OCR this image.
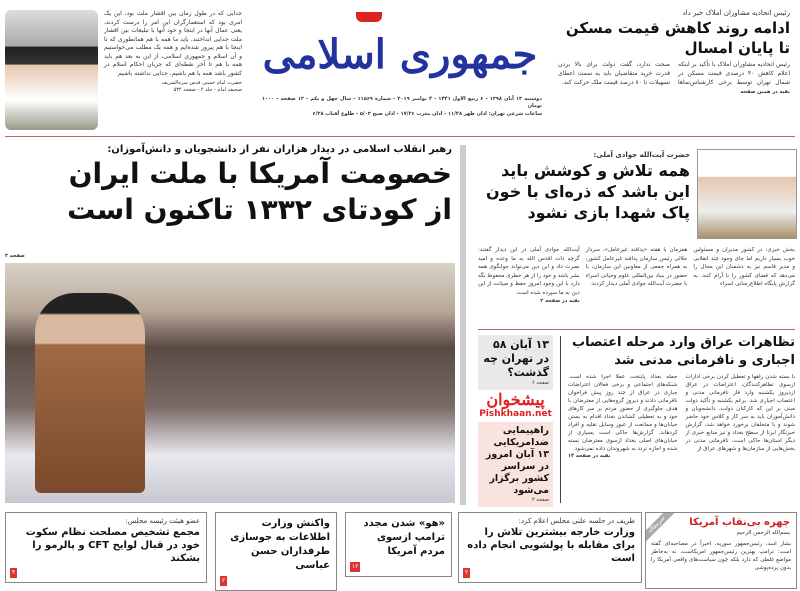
جدایی که در طول زمان بین اقشار ملت بود، این یک امری بود که استعمارگران این امر را درست کردند، یعنی عمال آنها در اینجا و خود آنها با تبلیغات بین اقشار ملت جدایی انداختند. باید ما همه با هم همانطوری که تا اینجا با هم پیروز شده‌ایم و همه یک مطلب می‌خواستیم و آن اسلام و جمهوری اسلامی، از این به بعد هم باید همه با هم تا آخر نقطه‌ای که جریان احکام اسلام در کشور باشد همه با هم باشیم، جدایی نداشته باشیم
حضرت امام خمینی قدس سره‌الشریف
صحیفه امام - جلد ۴ - صفحه ۵۳۴
جمهوری اسلامی
دوشنبه ۱۳ آبان ۱۳۹۸ - ۶ ربیع الاول ۱۴۴۱ - ۴ نوامبر ۲۰۱۹ - شماره ۱۱۵۶۹ - سال چهل و یکم - ۱۲ صفحه - ۱۰۰۰ تومان
ساعات شرعی تهران: اذان ظهر ۱۱/۴۸ - اذان مغرب ۱۷/۲۶ - اذان صبح ۵/۰۳ - طلوع آفتاب ۶/۲۸
رئیس اتحادیه مشاوران املاک خبر داد
ادامه روند کاهش قیمت مسکن تا پایان امسال
رئیس اتحادیه مشاوران املاک با تأکید بر اینکه اعلام کاهش ۴۰ درصدی قیمت مسکن در شمال تهران توسط برخی کارشناس‌نماها صحت ندارد، گفت دولت برای بالا بردن قدرت خرید متقاضیان باید به سمت اعطای تسهیلات تا ۸۰ درصد قیمت ملک حرکت کند.
بقیه در همین صفحه
رهبر انقلاب اسلامی در دیدار هزاران نفر از دانشجویان و دانش‌آموزان:
خصومت آمریکا با ملت ایران
از کودتای ۱۳۳۲ تاکنون است
صفحه ۳
حضرت آیت‌الله جوادی آملی:
همه تلاش و کوشش باید این باشد که ذره‌ای با خون پاک شهدا بازی نشود
بخش خبری: در کشور مدیران و مسئولین خوب بسیار داریم اما جای وجود چند انقلابی و مدیر قاسم نیز به دشمنان این مجال را می‌دهد که فضای کشور را نا آرام کنند. به گزارش پایگاه اطلاع‌رسانی اسراء
همزمان با هفته «پدافند غیرعامل»، سردار جلالی رئیس سازمان پدافند غیرعامل کشور، به همراه جمعی از معاونین این سازمان، با حضور در بنیاد بین‌المللی علوم وحیانی اسراء با حضرت آیت‌الله جوادی آملی دیدار کردند.
آیت‌الله جوادی آملی در این دیدار گفتند: گرچه ذات اقدس الله به ما وعده و امید نصرت داد و این دین می‌تواند جوابگوی همه بشر باشد و خود را از هر خطری محفوظ نگه دارد با این وجود امروز حفظ و صیانت از این دین به ما سپرده شده است.
بقیه در صفحه ۲
۱۳ آبان ۵۸ در تهران چه گذشت؟
صفحه ۶
پیشخوان
Pishkhaan.net
راهپیمایی ضدامریکایی ۱۳ آبان امروز در سراسر کشور برگزار می‌شود
صفحه ۳
تظاهرات عراق وارد مرحله اعتصاب اجباری و نافرمانی مدنی شد
با بسته شدن راهها و تعطیل کردن برخی ادارات ازسوی تظاهرکنندگان، اعتراضات در عراق ازدیروز یکشنبه وارد فاز نافرمانی مدنی و اعتصاب اجباری شد. برغم یکشنبه و تأکید دولت مبنی بر این که کارکنان دولت، دانشجویان و دانش‌آموزان باید به سر کار و کلاس خود حاضر شوند و با متخلفان برخورد خواهد شد، گزارش خبرنگار ایرنا از سطح بغداد و نیز منابع خبری از دیگر استان‌ها حاکی است، نافرمانی مدنی در بخش‌هایی از سازمان‌ها و شهرهای عراق از
جمله بغداد پایتخت عملا اجرا شده است. شبکه‌های اجتماعی و برخی فعالان اعتراضات جباری در عراق از چند روز پیش فراخوان نافرمانی دادند و دیروز گروه‌هایی از معترضان با هدف جلوگیری از حضور مردم بر سر کارهای خود و به تعطیلی کشاندن بغداد اقدام به بستن خیابان‌ها و ممانعت از عبور وسایل نقلیه و افراد کردهاند. گزارش‌ها حاکی است بسیاری از خیابان‌های اصلی بغداد ازسوی معترضان بسته شده و اجازه تردد به شهروندان داده نمی‌شود.
بقیه در صفحه ۱۴
عضو هیئت رئیسه مجلس:
مجمع تشخیص مصلحت نظام سکوت خود در قبال لوایح CFT و پالرمو را بشکند
۴
واکنش وزارت اطلاعات به جوسازی طرفداران حسن عباسی
۲
«هو» شدن مجدد ترامپ ازسوی مردم آمریکا
۱۲
ظریف در جلسه علنی مجلس اعلام کرد:
وزارت خارجه بیشترین تلاش را برای مقابله با پولشویی انجام داده است
۲
سرمقاله	چهره بی‌نقاب آمریکا
بسم‌الله الرحمن الرحیم
بشار اسد، رئیس‌جمهور سوریه، اخیراً در مصاحبه‌ای گفته است: ترامپ بهترین رئیس‌جمهور امریکاست، نه به‌خاطر مواضع غلطی که دارد بلکه چون سیاست‌های واقعی آمریکا را بدون پرده‌پوشی
